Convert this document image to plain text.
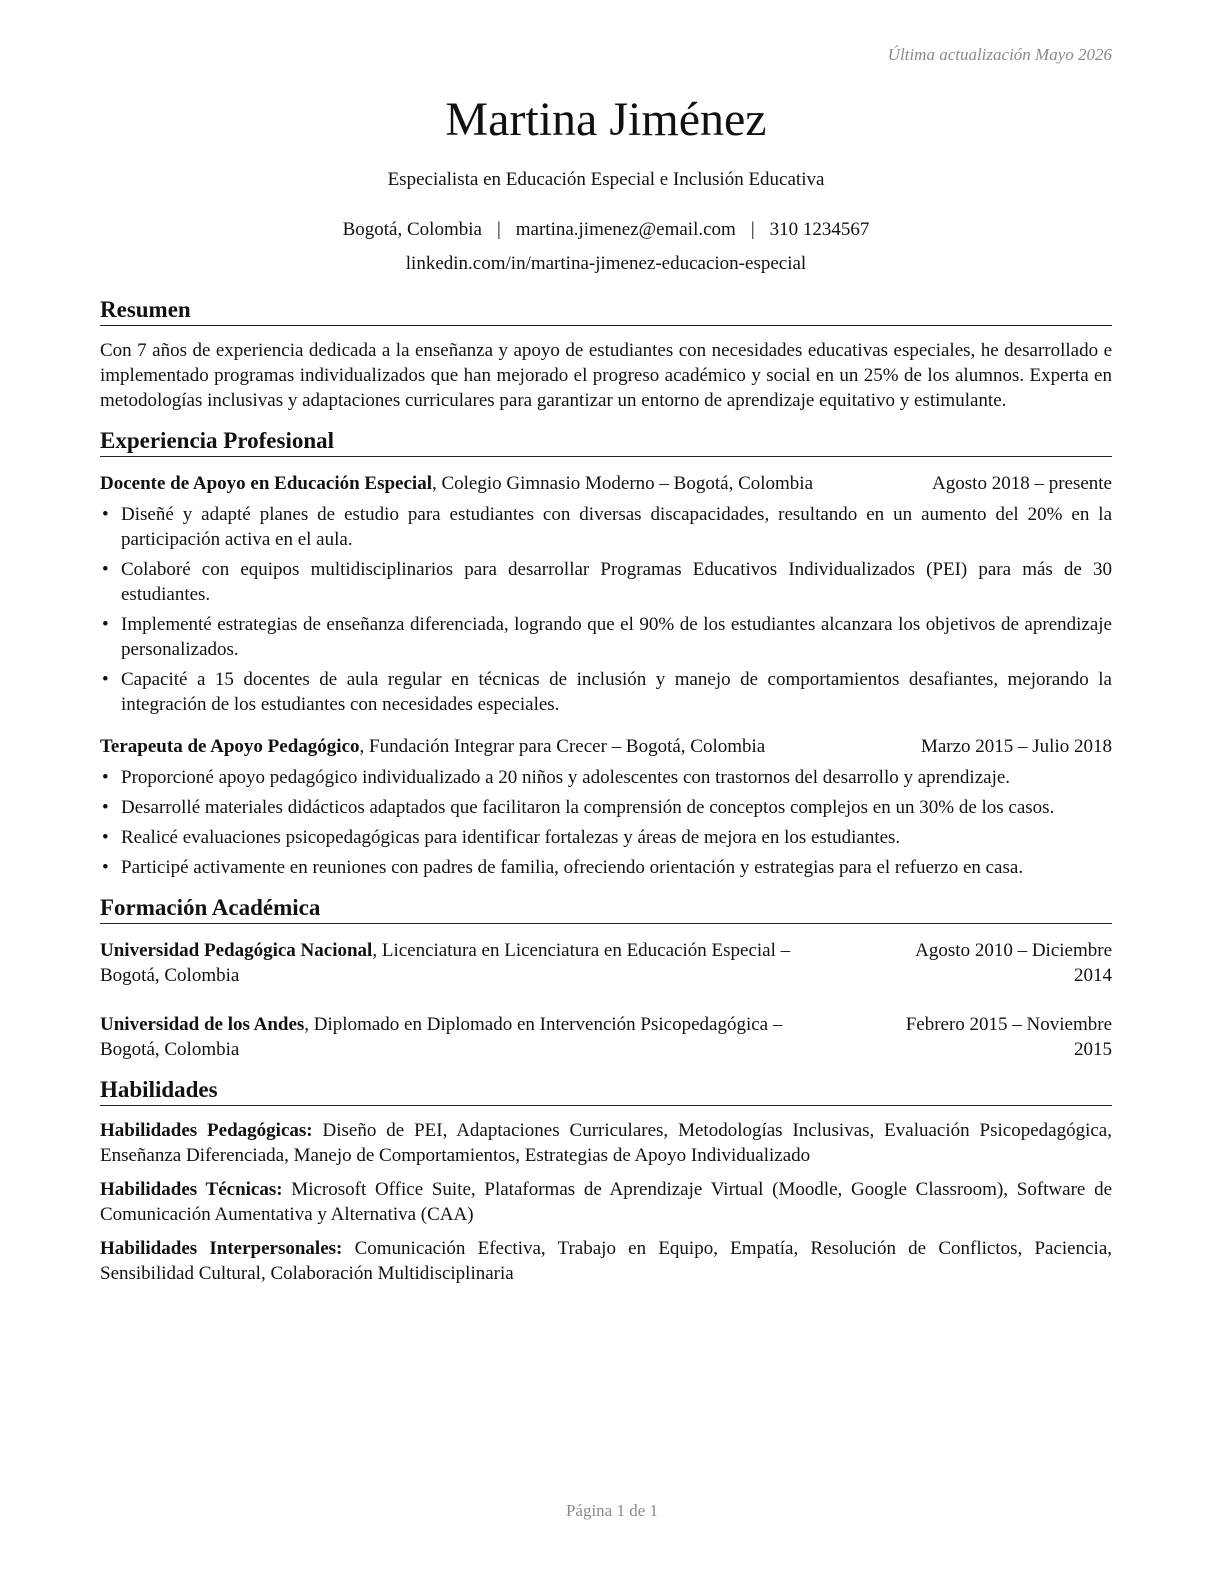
Última actualización Mayo 2026
Martina Jiménez
Especialista en Educación Especial e Inclusión Educativa
Bogotá, Colombia | martina.jimenez@email.com | 310 1234567
linkedin.com/in/martina-jimenez-educacion-especial
Resumen
Con 7 años de experiencia dedicada a la enseñanza y apoyo de estudiantes con necesidades educativas especiales, he desarrollado e implementado programas individualizados que han mejorado el progreso académico y social en un 25% de los alumnos. Experta en metodologías inclusivas y adaptaciones curriculares para garantizar un entorno de aprendizaje equitativo y estimulante.
Experiencia Profesional
Docente de Apoyo en Educación Especial, Colegio Gimnasio Moderno – Bogotá, Colombia	Agosto 2018 – presente
• Diseñé y adapté planes de estudio para estudiantes con diversas discapacidades, resultando en un aumento del 20% en la participación activa en el aula.
• Colaboré con equipos multidisciplinarios para desarrollar Programas Educativos Individualizados (PEI) para más de 30 estudiantes.
• Implementé estrategias de enseñanza diferenciada, logrando que el 90% de los estudiantes alcanzara los objetivos de aprendizaje personalizados.
• Capacité a 15 docentes de aula regular en técnicas de inclusión y manejo de comportamientos desafiantes, mejorando la integración de los estudiantes con necesidades especiales.
Terapeuta de Apoyo Pedagógico, Fundación Integrar para Crecer – Bogotá, Colombia	Marzo 2015 – Julio 2018
• Proporcioné apoyo pedagógico individualizado a 20 niños y adolescentes con trastornos del desarrollo y aprendizaje.
• Desarrollé materiales didácticos adaptados que facilitaron la comprensión de conceptos complejos en un 30% de los casos.
• Realicé evaluaciones psicopedagógicas para identificar fortalezas y áreas de mejora en los estudiantes.
• Participé activamente en reuniones con padres de familia, ofreciendo orientación y estrategias para el refuerzo en casa.
Formación Académica
Universidad Pedagógica Nacional, Licenciatura en Licenciatura en Educación Especial –	Agosto 2010 – Diciembre
Bogotá, Colombia	2014
Universidad de los Andes, Diplomado en Diplomado en Intervención Psicopedagógica –	Febrero 2015 – Noviembre
Bogotá, Colombia	2015
Habilidades
Habilidades Pedagógicas: Diseño de PEI, Adaptaciones Curriculares, Metodologías Inclusivas, Evaluación Psicopedagógica, Enseñanza Diferenciada, Manejo de Comportamientos, Estrategias de Apoyo Individualizado
Habilidades Técnicas: Microsoft Office Suite, Plataformas de Aprendizaje Virtual (Moodle, Google Classroom), Software de Comunicación Aumentativa y Alternativa (CAA)
Habilidades Interpersonales: Comunicación Efectiva, Trabajo en Equipo, Empatía, Resolución de Conflictos, Paciencia, Sensibilidad Cultural, Colaboración Multidisciplinaria
Página 1 de 1
